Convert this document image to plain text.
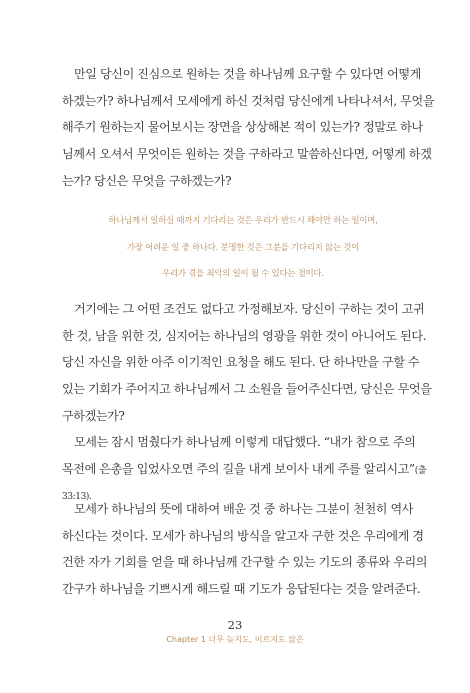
만일 당신이 진심으로 원하는 것을 하나님께 요구할 수 있다면 어떻게
하겠는가? 하나님께서 모세에게 하신 것처럼 당신에게 나타나셔서, 무엇을
해주기 원하는지 물어보시는 장면을 상상해본 적이 있는가? 정말로 하나
님께서 오셔서 무엇이든 원하는 것을 구하라고 말씀하신다면, 어떻게 하겠
는가? 당신은 무엇을 구하겠는가?

하나님께서 일하실 때까지 기다리는 것은 우리가 반드시 해야만 하는 일이며,
가장 어려운 일 중 하나다. 분명한 것은 그분을 기다리지 않는 것이
우리가 겪을 최악의 일이 될 수 있다는 점이다.

거기에는 그 어떤 조건도 없다고 가정해보자. 당신이 구하는 것이 고귀
한 것, 남을 위한 것, 심지어는 하나님의 영광을 위한 것이 아니어도 된다.
당신 자신을 위한 아주 이기적인 요청을 해도 된다. 단 하나만을 구할 수
있는 기회가 주어지고 하나님께서 그 소원을 들어주신다면, 당신은 무엇을
구하겠는가?

모세는 잠시 멈췄다가 하나님께 이렇게 대답했다. “내가 참으로 주의
목전에 은총을 입었사오면 주의 길을 내게 보이사 내게 주를 알리시고”(출
33:13).

모세가 하나님의 뜻에 대하여 배운 것 중 하나는 그분이 천천히 역사
하신다는 것이다. 모세가 하나님의 방식을 알고자 구한 것은 우리에게 경
건한 자가 기회를 얻을 때 하나님께 간구할 수 있는 기도의 종류와 우리의
간구가 하나님을 기쁘시게 해드릴 때 기도가 응답된다는 것을 알려준다.

23
Chapter 1 너무 늦지도, 이르지도 않은
